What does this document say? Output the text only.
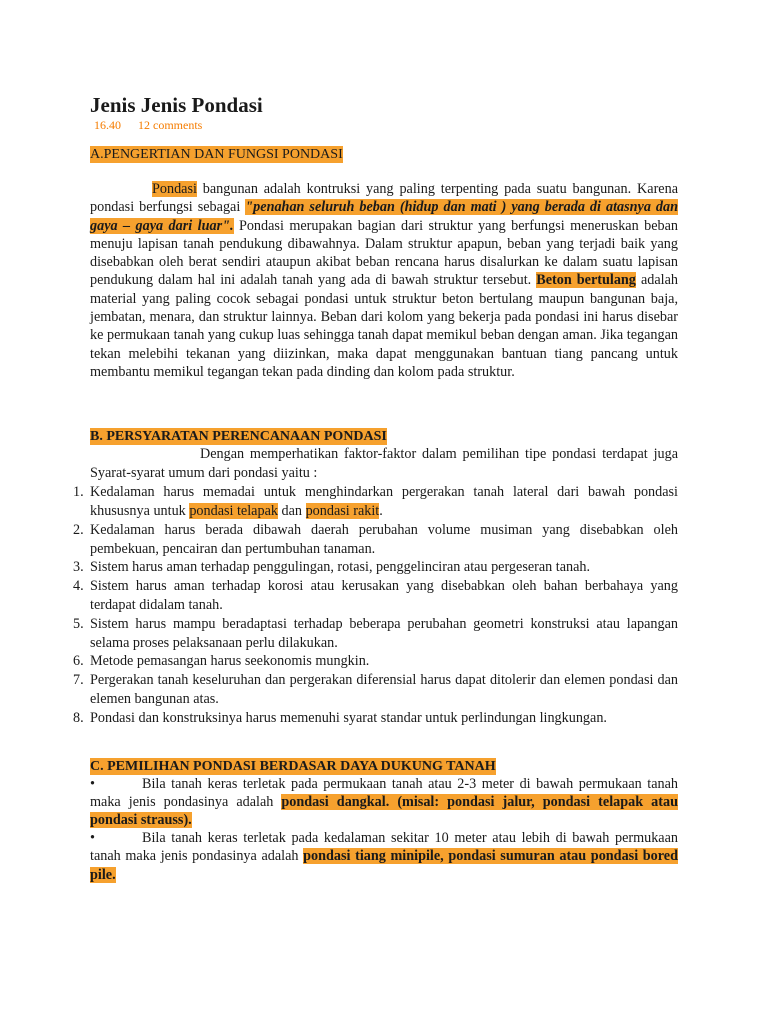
Jenis Jenis Pondasi
16.40 12 comments
A.PENGERTIAN DAN FUNGSI PONDASI

Pondasi bangunan adalah kontruksi yang paling terpenting pada suatu bangunan. Karena pondasi berfungsi sebagai "penahan seluruh beban (hidup dan mati ) yang berada di atasnya dan gaya – gaya dari luar". Pondasi merupakan bagian dari struktur yang berfungsi meneruskan beban menuju lapisan tanah pendukung dibawahnya. Dalam struktur apapun, beban yang terjadi baik yang disebabkan oleh berat sendiri ataupun akibat beban rencana harus disalurkan ke dalam suatu lapisan pendukung dalam hal ini adalah tanah yang ada di bawah struktur tersebut. Beton bertulang adalah material yang paling cocok sebagai pondasi untuk struktur beton bertulang maupun bangunan baja, jembatan, menara, dan struktur lainnya. Beban dari kolom yang bekerja pada pondasi ini harus disebar ke permukaan tanah yang cukup luas sehingga tanah dapat memikul beban dengan aman. Jika tegangan tekan melebihi tekanan yang diizinkan, maka dapat menggunakan bantuan tiang pancang untuk membantu memikul tegangan tekan pada dinding dan kolom pada struktur.

B. PERSYARATAN PERENCANAAN PONDASI

Dengan memperhatikan faktor-faktor dalam pemilihan tipe pondasi terdapat juga Syarat-syarat umum dari pondasi yaitu :

1. Kedalaman harus memadai untuk menghindarkan pergerakan tanah lateral dari bawah pondasi khususnya untuk pondasi telapak dan pondasi rakit.
2. Kedalaman harus berada dibawah daerah perubahan volume musiman yang disebabkan oleh pembekuan, pencairan dan pertumbuhan tanaman.
3. Sistem harus aman terhadap penggulingan, rotasi, penggelinciran atau pergeseran tanah.
4. Sistem harus aman terhadap korosi atau kerusakan yang disebabkan oleh bahan berbahaya yang terdapat didalam tanah.
5. Sistem harus mampu beradaptasi terhadap beberapa perubahan geometri konstruksi atau lapangan selama proses pelaksanaan perlu dilakukan.
6. Metode pemasangan harus seekonomis mungkin.
7. Pergerakan tanah keseluruhan dan pergerakan diferensial harus dapat ditolerir dan elemen pondasi dan elemen bangunan atas.
8. Pondasi dan konstruksinya harus memenuhi syarat standar untuk perlindungan lingkungan.
C. PEMILIHAN PONDASI BERDASAR DAYA DUKUNG TANAH
•	Bila tanah keras terletak pada permukaan tanah atau 2-3 meter di bawah permukaan tanah maka jenis pondasinya adalah pondasi dangkal. (misal: pondasi jalur, pondasi telapak atau pondasi strauss).
•	Bila tanah keras terletak pada kedalaman sekitar 10 meter atau lebih di bawah permukaan tanah maka jenis pondasinya adalah pondasi tiang minipile, pondasi sumuran atau pondasi bored pile.
